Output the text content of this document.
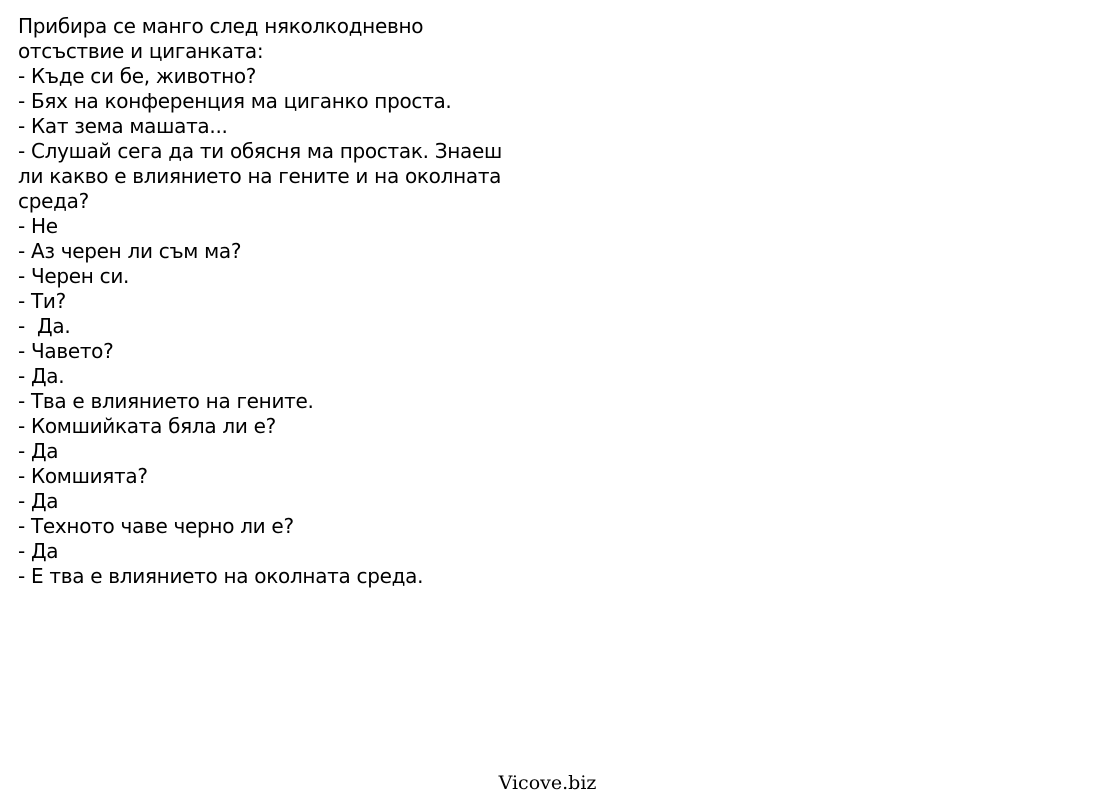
Прибира се манго след няколкодневно
отсъствие и циганката:
- Къде си бе, животно?
- Бях на конференция ма циганко проста.
- Кат зема машата...
- Слушай сега да ти обясня ма простак. Знаеш
ли какво е влиянието на гените и на околната
среда?
- Не
- Аз черен ли съм ма?
- Черен си.
- Ти?
-  Да.
- Чавето?
- Да.
- Тва е влиянието на гените.
- Комшийката бяла ли е?
- Да
- Комшията?
- Да
- Техното чаве черно ли е?
- Да
- Е тва е влиянието на околната среда.
Vicove.biz
